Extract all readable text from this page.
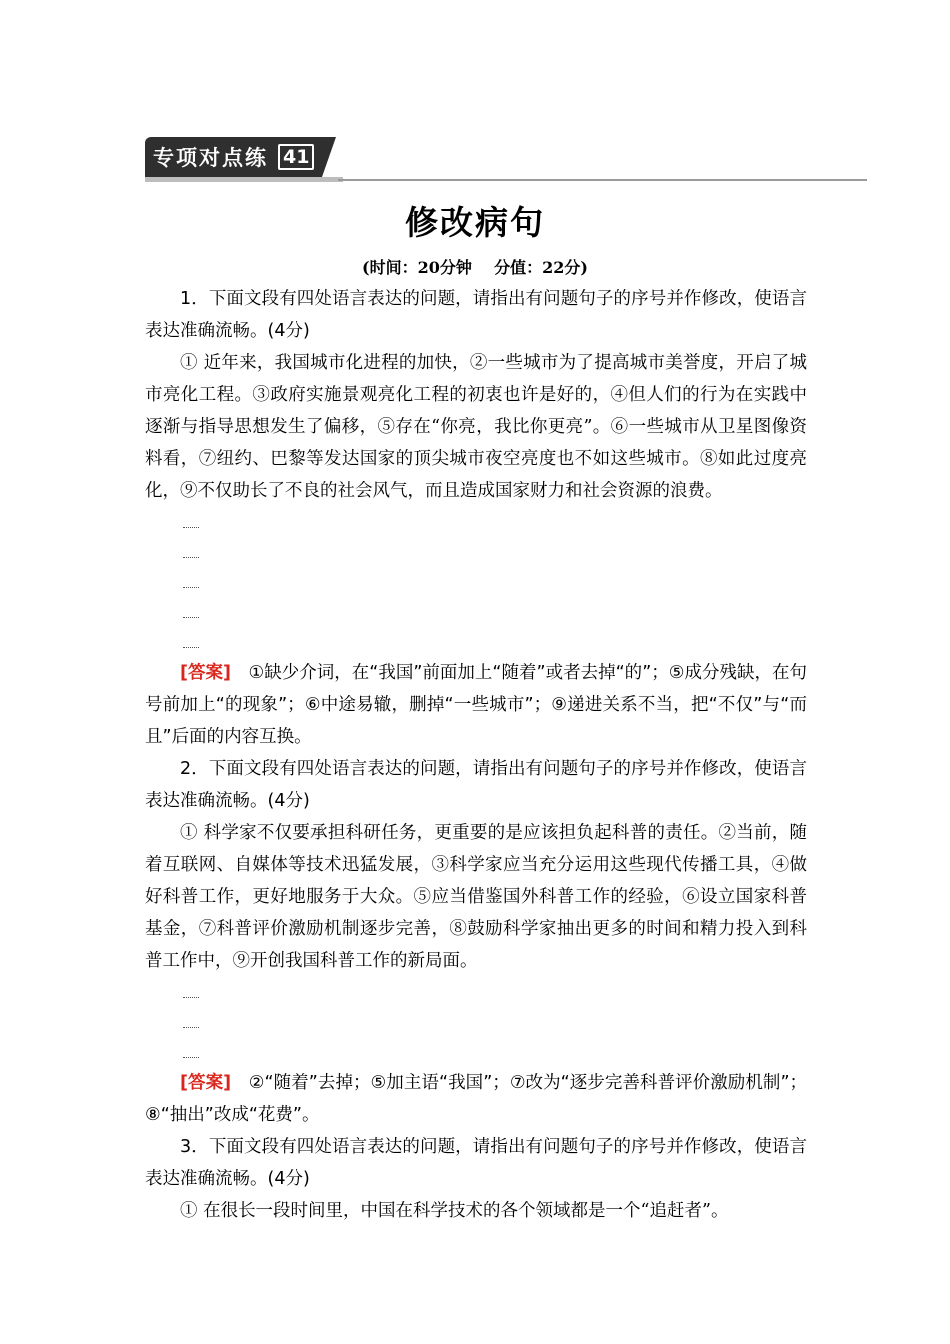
专项对点练 41
修改病句
(时间：20分钟    分值：22分)

1．下面文段有四处语言表达的问题，请指出有问题句子的序号并作修改，使语言表达准确流畅。(4分)

① 近年来，我国城市化进程的加快，②一些城市为了提高城市美誉度，开启了城市亮化工程。③政府实施景观亮化工程的初衷也许是好的，④但人们的行为在实践中逐渐与指导思想发生了偏移，⑤存在“你亮，我比你更亮”。⑥一些城市从卫星图像资料看，⑦纽约、巴黎等发达国家的顶尖城市夜空亮度也不如这些城市。⑧如此过度亮化，⑨不仅助长了不良的社会风气，而且造成国家财力和社会资源的浪费。

[答案]　 ①缺少介词，在“我国”前面加上“随着”或者去掉“的”；⑤成分残缺，在句号前加上“的现象”；⑥中途易辙，删掉“一些城市”；⑨递进关系不当，把“不仅”与“而且”后面的内容互换。

2．下面文段有四处语言表达的问题，请指出有问题句子的序号并作修改，使语言表达准确流畅。(4分)

① 科学家不仅要承担科研任务，更重要的是应该担负起科普的责任。②当前，随着互联网、自媒体等技术迅猛发展，③科学家应当充分运用这些现代传播工具，④做好科普工作，更好地服务于大众。⑤应当借鉴国外科普工作的经验，⑥设立国家科普基金，⑦科普评价激励机制逐步完善，⑧鼓励科学家抽出更多的时间和精力投入到科普工作中，⑨开创我国科普工作的新局面。

[答案]　 ②“随着”去掉；⑤加主语“我国”；⑦改为“逐步完善科普评价激励机制”；⑧“抽出”改成“花费”。

3．下面文段有四处语言表达的问题，请指出有问题句子的序号并作修改，使语言表达准确流畅。(4分)

① 在很长一段时间里，中国在科学技术的各个领域都是一个“追赶者”。
